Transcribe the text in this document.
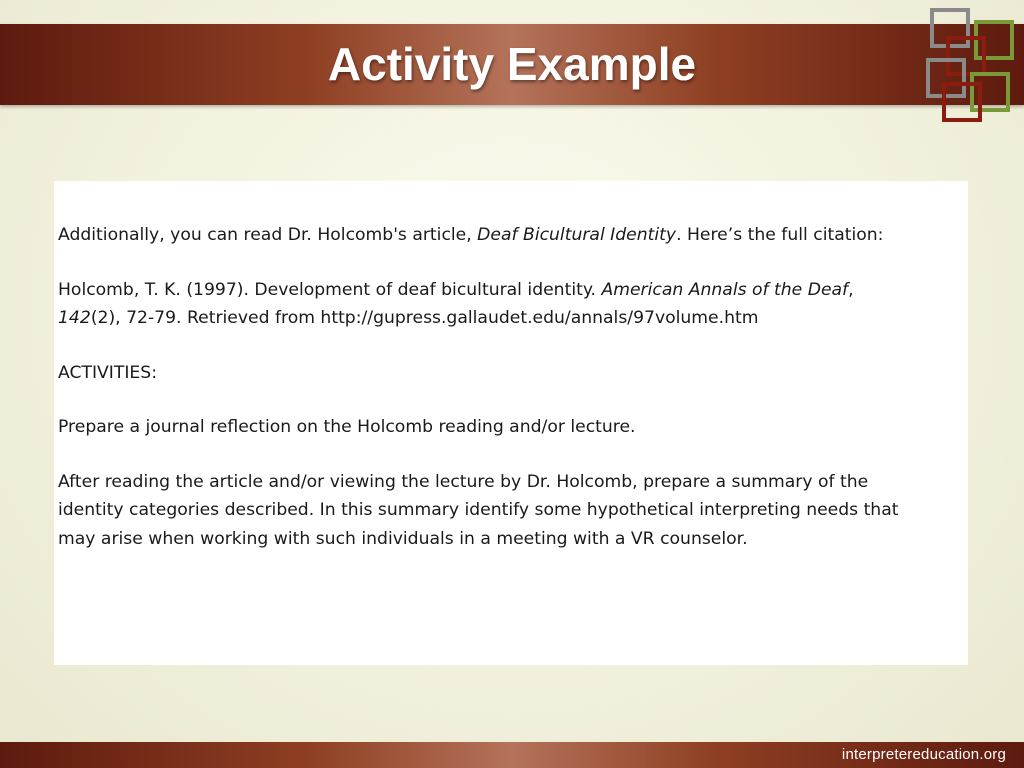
Activity Example

Additionally, you can read Dr. Holcomb's article, Deaf Bicultural Identity. Here’s the full citation:

Holcomb, T. K. (1997). Development of deaf bicultural identity. American Annals of the Deaf, 142(2), 72-79. Retrieved from http://gupress.gallaudet.edu/annals/97volume.htm

ACTIVITIES:

Prepare a journal reflection on the Holcomb reading and/or lecture.

After reading the article and/or viewing the lecture by Dr. Holcomb, prepare a summary of the identity categories described. In this summary identify some hypothetical interpreting needs that may arise when working with such individuals in a meeting with a VR counselor.

interpretereducation.org
